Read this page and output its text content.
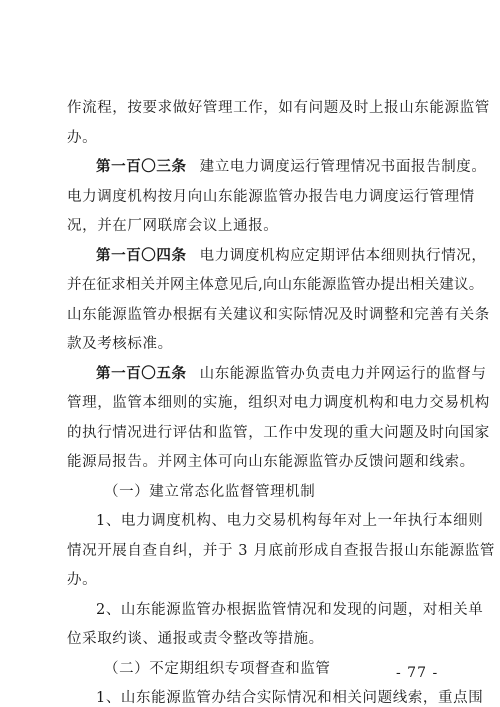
作流程，按要求做好管理工作，如有问题及时上报山东能源监管
办。
第一百〇三条 建立电力调度运行管理情况书面报告制度。
电力调度机构按月向山东能源监管办报告电力调度运行管理情
况，并在厂网联席会议上通报。
第一百〇四条 电力调度机构应定期评估本细则执行情况，
并在征求相关并网主体意见后,向山东能源监管办提出相关建议。
山东能源监管办根据有关建议和实际情况及时调整和完善有关条
款及考核标准。
第一百〇五条 山东能源监管办负责电力并网运行的监督与
管理，监管本细则的实施，组织对电力调度机构和电力交易机构
的执行情况进行评估和监管，工作中发现的重大问题及时向国家
能源局报告。并网主体可向山东能源监管办反馈问题和线索。
（一）建立常态化监督管理机制
1、电力调度机构、电力交易机构每年对上一年执行本细则
情况开展自查自纠，并于 3 月底前形成自查报告报山东能源监管
办。
2、山东能源监管办根据监管情况和发现的问题，对相关单
位采取约谈、通报或责令整改等措施。
（二）不定期组织专项督查和监管
1、山东能源监管办结合实际情况和相关问题线索，重点围
- 77 -
